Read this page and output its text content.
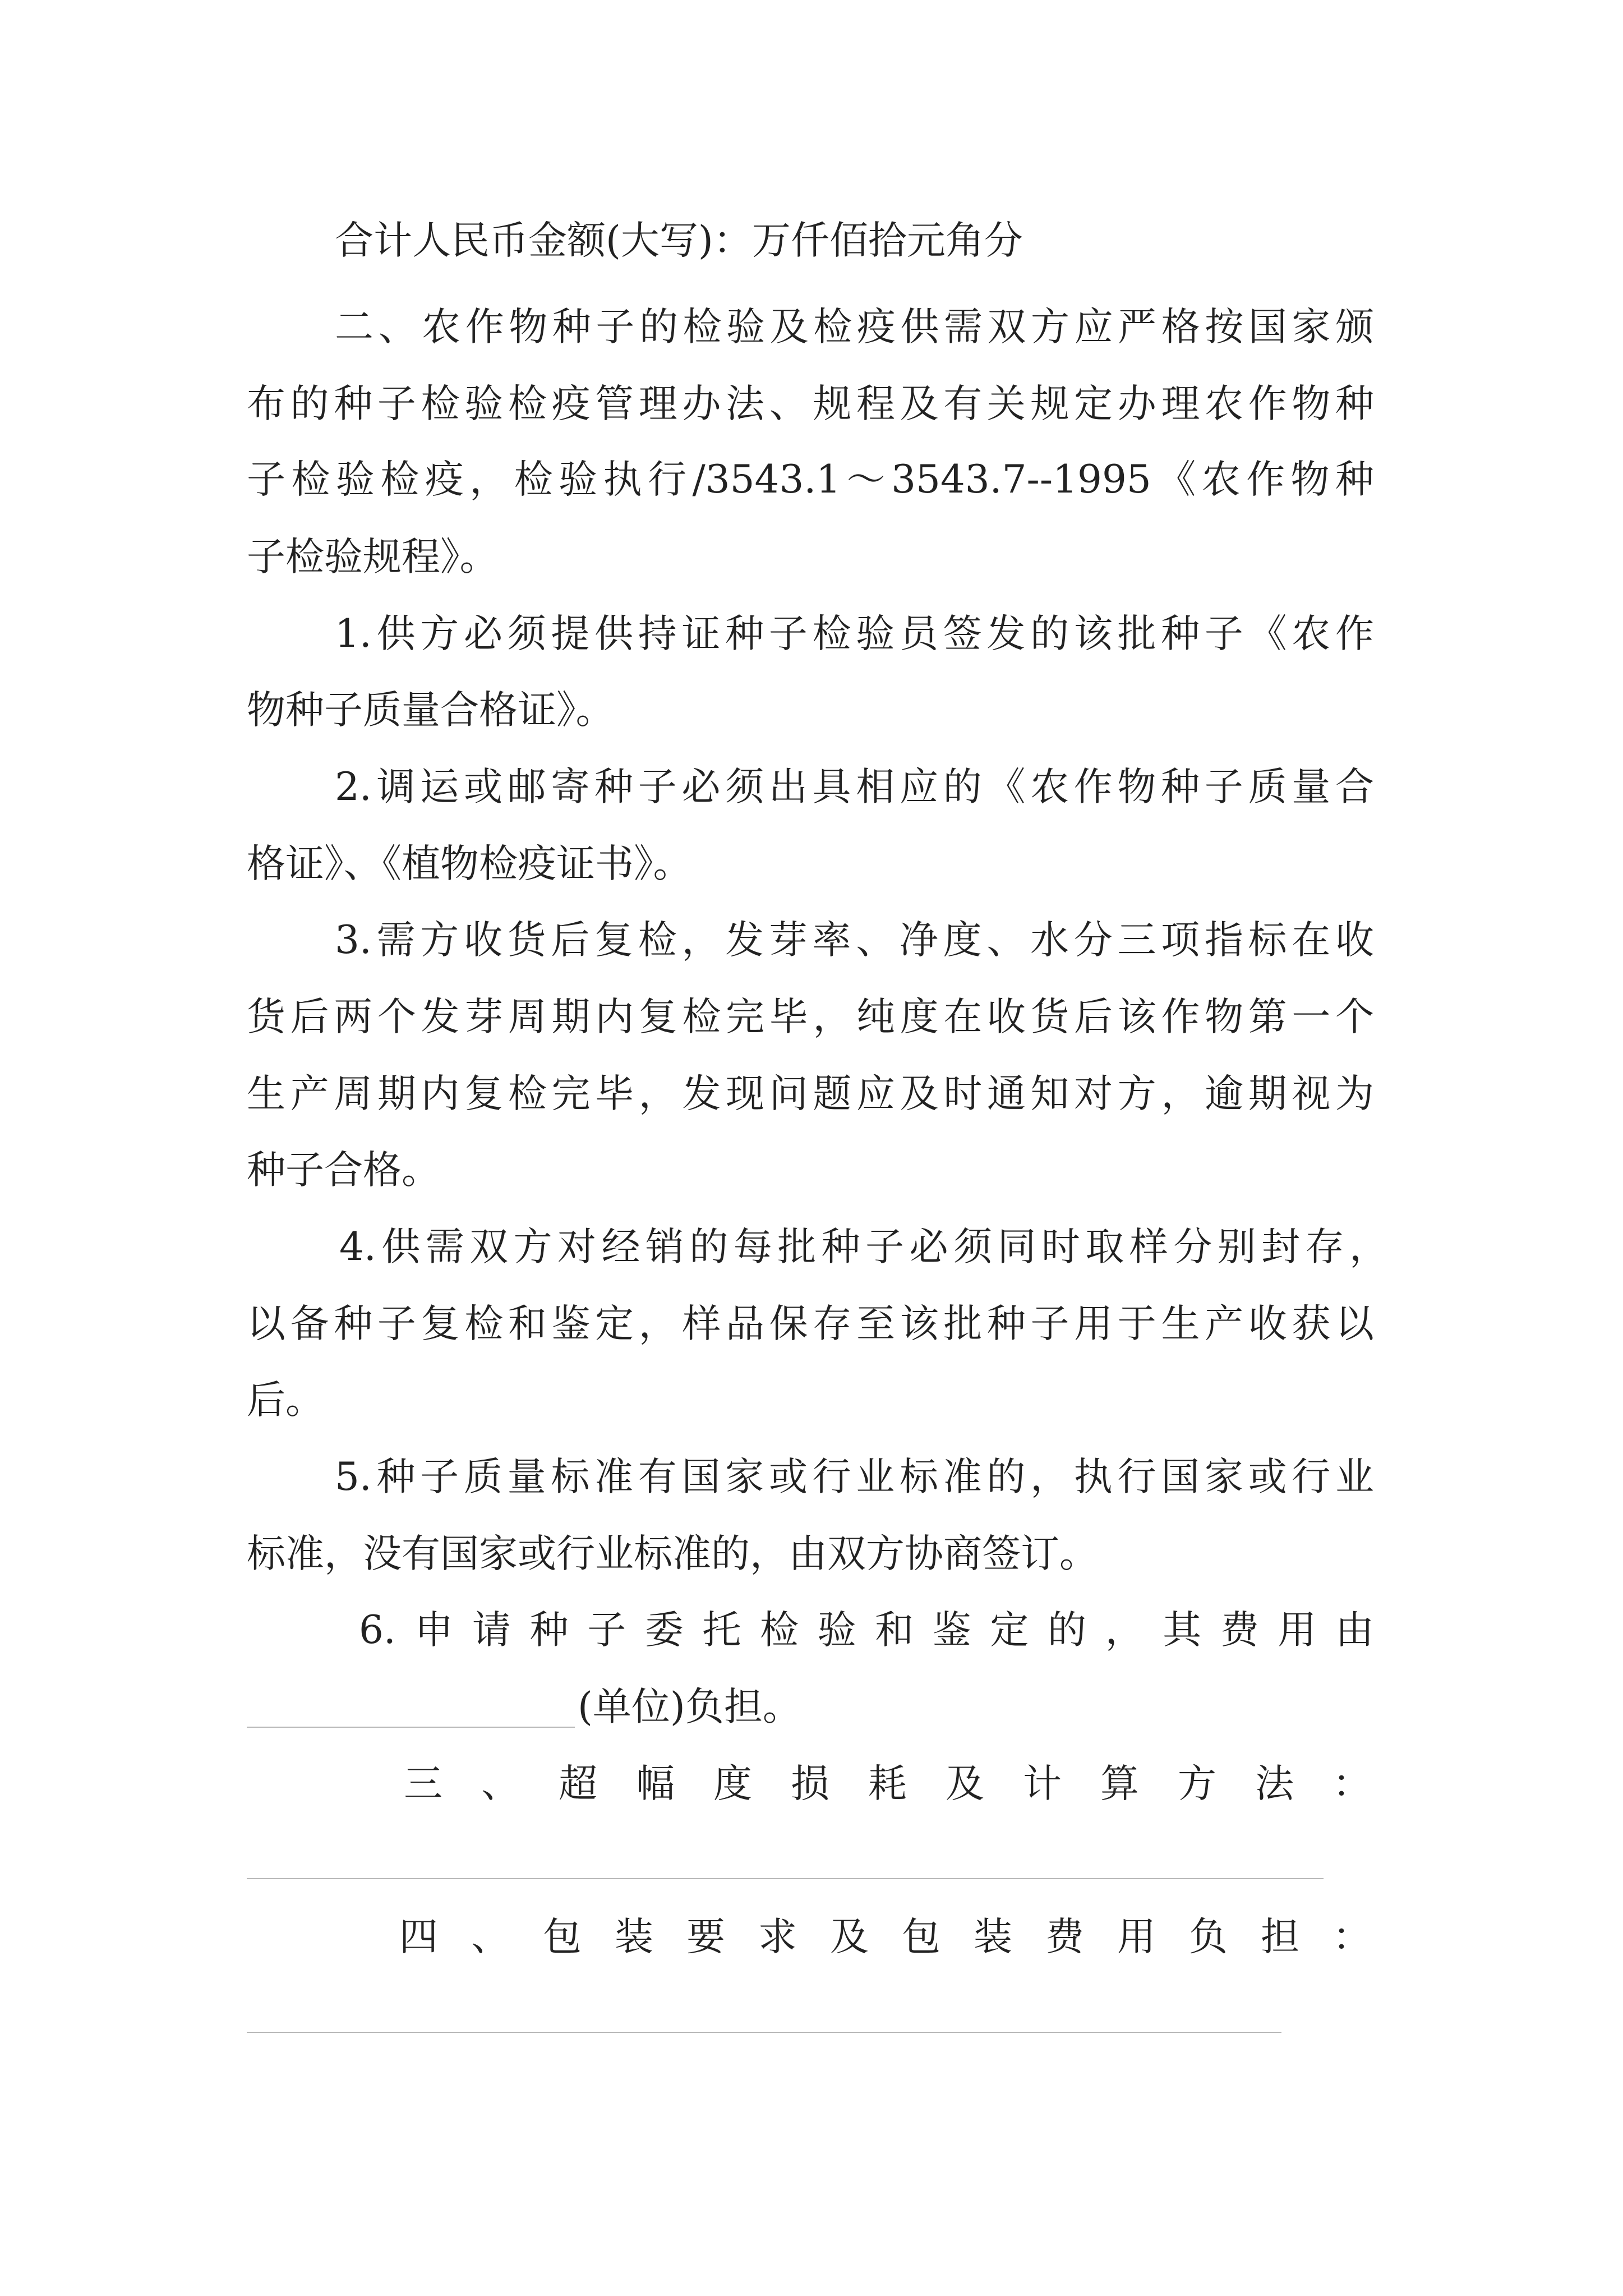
合计人民币金额(大写)：万仟佰拾元角分
二、农作物种子的检验及检疫供需双方应严格按国家颁
布的种子检验检疫管理办法、规程及有关规定办理农作物种
子检验检疫，检验执行/3543.1～3543.7--1995《农作物种
子检验规程》。
1.供方必须提供持证种子检验员签发的该批种子《农作
物种子质量合格证》。
2.调运或邮寄种子必须出具相应的《农作物种子质量合
格证》、《植物检疫证书》。
3.需方收货后复检，发芽率、净度、水分三项指标在收
货后两个发芽周期内复检完毕，纯度在收货后该作物第一个
生产周期内复检完毕，发现问题应及时通知对方，逾期视为
种子合格。
4.供需双方对经销的每批种子必须同时取样分别封存，
以备种子复检和鉴定，样品保存至该批种子用于生产收获以
后。
5.种子质量标准有国家或行业标准的，执行国家或行业
标准，没有国家或行业标准的，由双方协商签订。
6.申请种子委托检验和鉴定的，其费用由
(单位)负担。
三、超幅度损耗及计算方法：
四、包装要求及包装费用负担：
